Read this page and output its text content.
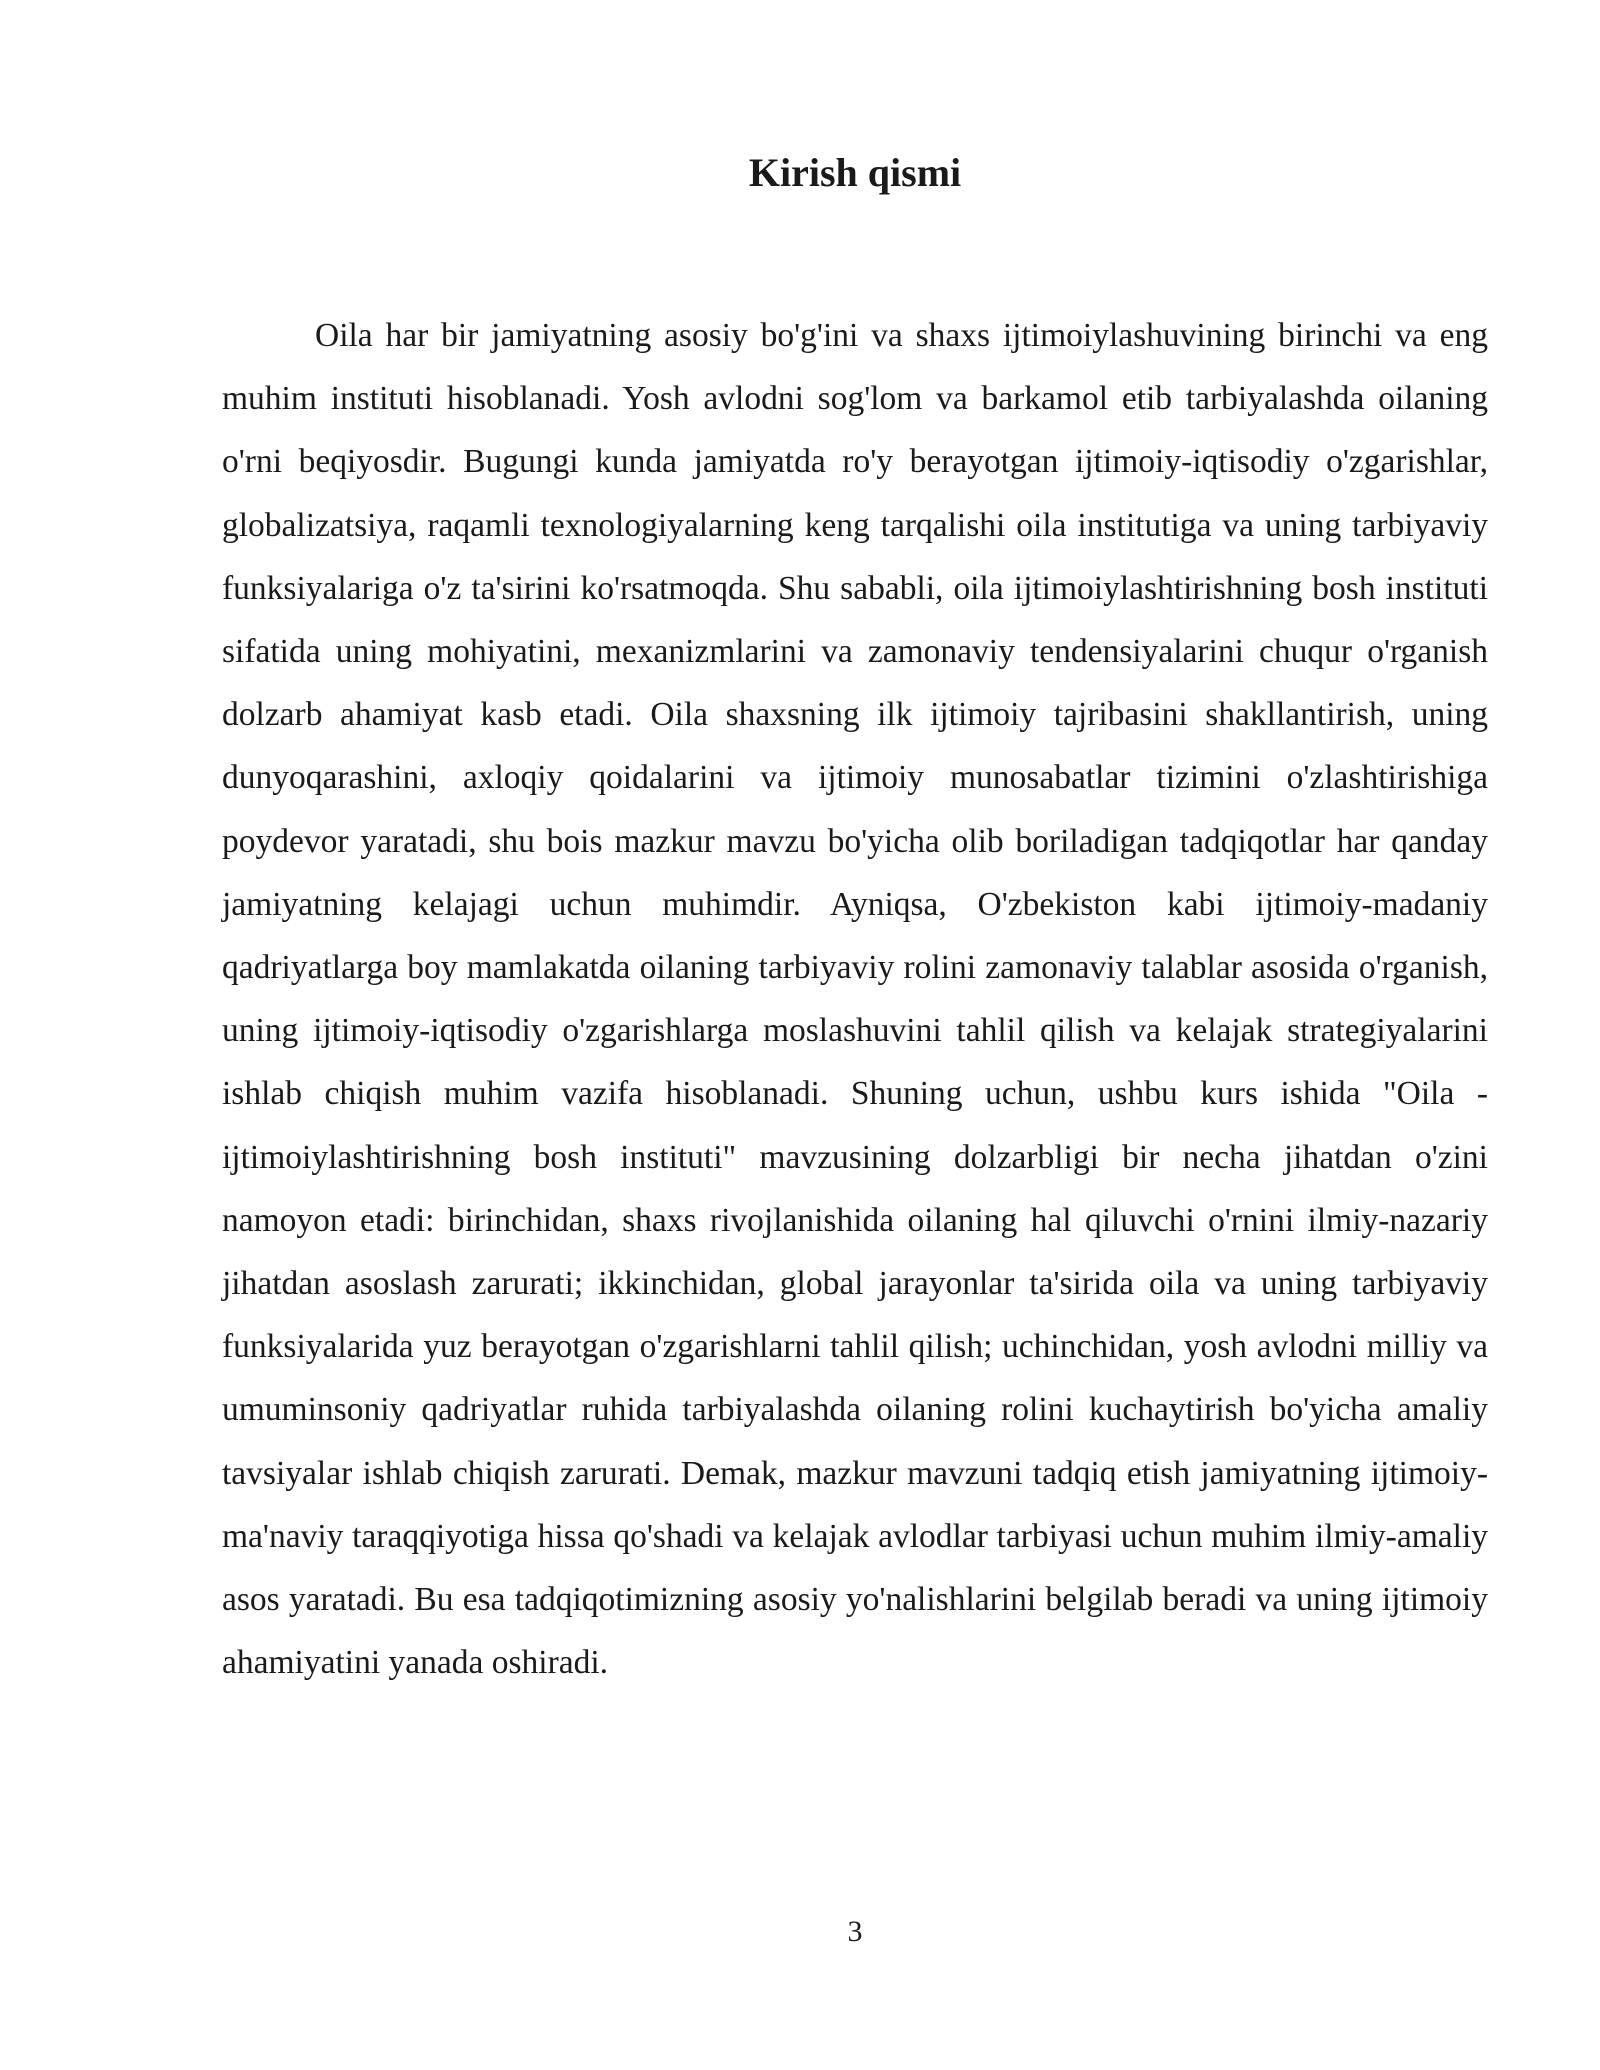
Kirish qismi

Oila har bir jamiyatning asosiy bo'g'ini va shaxs ijtimoiylashuvining birinchi va eng muhim instituti hisoblanadi. Yosh avlodni sog'lom va barkamol etib tarbiyalashda oilaning o'rni beqiyosdir. Bugungi kunda jamiyatda ro'y berayotgan ijtimoiy-iqtisodiy o'zgarishlar, globalizatsiya, raqamli texnologiyalarning keng tarqalishi oila institutiga va uning tarbiyaviy funksiyalariga o'z ta'sirini ko'rsatmoqda. Shu sababli, oila ijtimoiylashtirishning bosh instituti sifatida uning mohiyatini, mexanizmlarini va zamonaviy tendensiyalarini chuqur o'rganish dolzarb ahamiyat kasb etadi. Oila shaxsning ilk ijtimoiy tajribasini shakllantirish, uning dunyoqarashini, axloqiy qoidalarini va ijtimoiy munosabatlar tizimini o'zlashtirishiga poydevor yaratadi, shu bois mazkur mavzu bo'yicha olib boriladigan tadqiqotlar har qanday jamiyatning kelajagi uchun muhimdir. Ayniqsa, O'zbekiston kabi ijtimoiy-madaniy qadriyatlarga boy mamlakatda oilaning tarbiyaviy rolini zamonaviy talablar asosida o'rganish, uning ijtimoiy-iqtisodiy o'zgarishlarga moslashuvini tahlil qilish va kelajak strategiyalarini ishlab chiqish muhim vazifa hisoblanadi. Shuning uchun, ushbu kurs ishida "Oila - ijtimoiylashtirishning bosh instituti" mavzusining dolzarbligi bir necha jihatdan o'zini namoyon etadi: birinchidan, shaxs rivojlanishida oilaning hal qiluvchi o'rnini ilmiy-nazariy jihatdan asoslash zarurati; ikkinchidan, global jarayonlar ta'sirida oila va uning tarbiyaviy funksiyalarida yuz berayotgan o'zgarishlarni tahlil qilish; uchinchidan, yosh avlodni milliy va umuminsoniy qadriyatlar ruhida tarbiyalashda oilaning rolini kuchaytirish bo'yicha amaliy tavsiyalar ishlab chiqish zarurati. Demak, mazkur mavzuni tadqiq etish jamiyatning ijtimoiy-ma'naviy taraqqiyotiga hissa qo'shadi va kelajak avlodlar tarbiyasi uchun muhim ilmiy-amaliy asos yaratadi. Bu esa tadqiqotimizning asosiy yo'nalishlarini belgilab beradi va uning ijtimoiy ahamiyatini yanada oshiradi.

3
